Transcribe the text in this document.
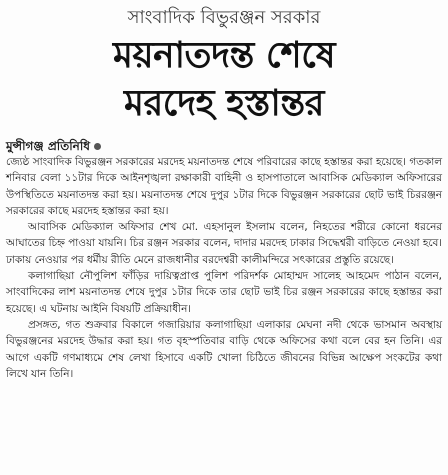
সাংবাদিক বিভুরঞ্জন সরকার
ময়নাতদন্ত শেষে
মরদেহ হস্তান্তর
মুন্সীগঞ্জ প্রতিনিধি

জ্যেষ্ঠ সাংবাদিক বিভুরঞ্জন সরকারের মরদেহ ময়নাতদন্ত শেষে পরিবারের কাছে হস্তান্তর করা হয়েছে। গতকাল শনিবার বেলা ১১টার দিকে আইনশৃঙ্খলা রক্ষাকারী বাহিনী ও হাসপাতালে আবাসিক মেডিক্যাল অফিসারের উপস্থিতিতে ময়নাতদন্ত করা হয়। ময়নাতদন্ত শেষে দুপুর ১টার দিকে বিভুরঞ্জন সরকারের ছোট ভাই চিররঞ্জন সরকারের কাছে মরদেহ হস্তান্তর করা হয়।

আবাসিক মেডিক্যাল অফিসার শেখ মো. এহসানুল ইসলাম বলেন, নিহতের শরীরে কোনো ধরনের আঘাতের চিহ্ন পাওয়া যায়নি। চির রঞ্জন সরকার বলেন, দাদার মরদেহ ঢাকার সিদ্ধেশ্বরী বাড়িতে নেওয়া হবে। ঢাকায় নেওয়ার পর ধর্মীয় রীতি মেনে রাজধানীর বরদেশ্বরী কালীমন্দিরে সৎকারের প্রস্তুতি রয়েছে।

কলাগাছিয়া নৌপুলিশ ফাঁড়ির দায়িত্বপ্রাপ্ত পুলিশ পরিদর্শক মোহাম্মদ সালেহ আহমেদ পাঠান বলেন, সাংবাদিকের লাশ ময়নাতদন্ত শেষে দুপুর ১টার দিকে তার ছোট ভাই চির রঞ্জন সরকারের কাছে হস্তান্তর করা হয়েছে। এ ঘটনায় আইনি বিষয়টি প্রক্রিয়াধীন।

প্রসঙ্গত, গত শুক্রবার বিকালে গজারিয়ার কলাগাছিয়া এলাকার মেঘনা নদী থেকে ভাসমান অবস্থায় বিভুরঞ্জনের মরদেহ উদ্ধার করা হয়। গত বৃহস্পতিবার বাড়ি থেকে অফিসের কথা বলে বের হন তিনি। এর আগে একটি গণমাধ্যমে শেষ লেখা হিসাবে একটি খোলা চিঠিতে জীবনের বিভিন্ন আক্ষেপ সংকটের কথা লিখে যান তিনি।
